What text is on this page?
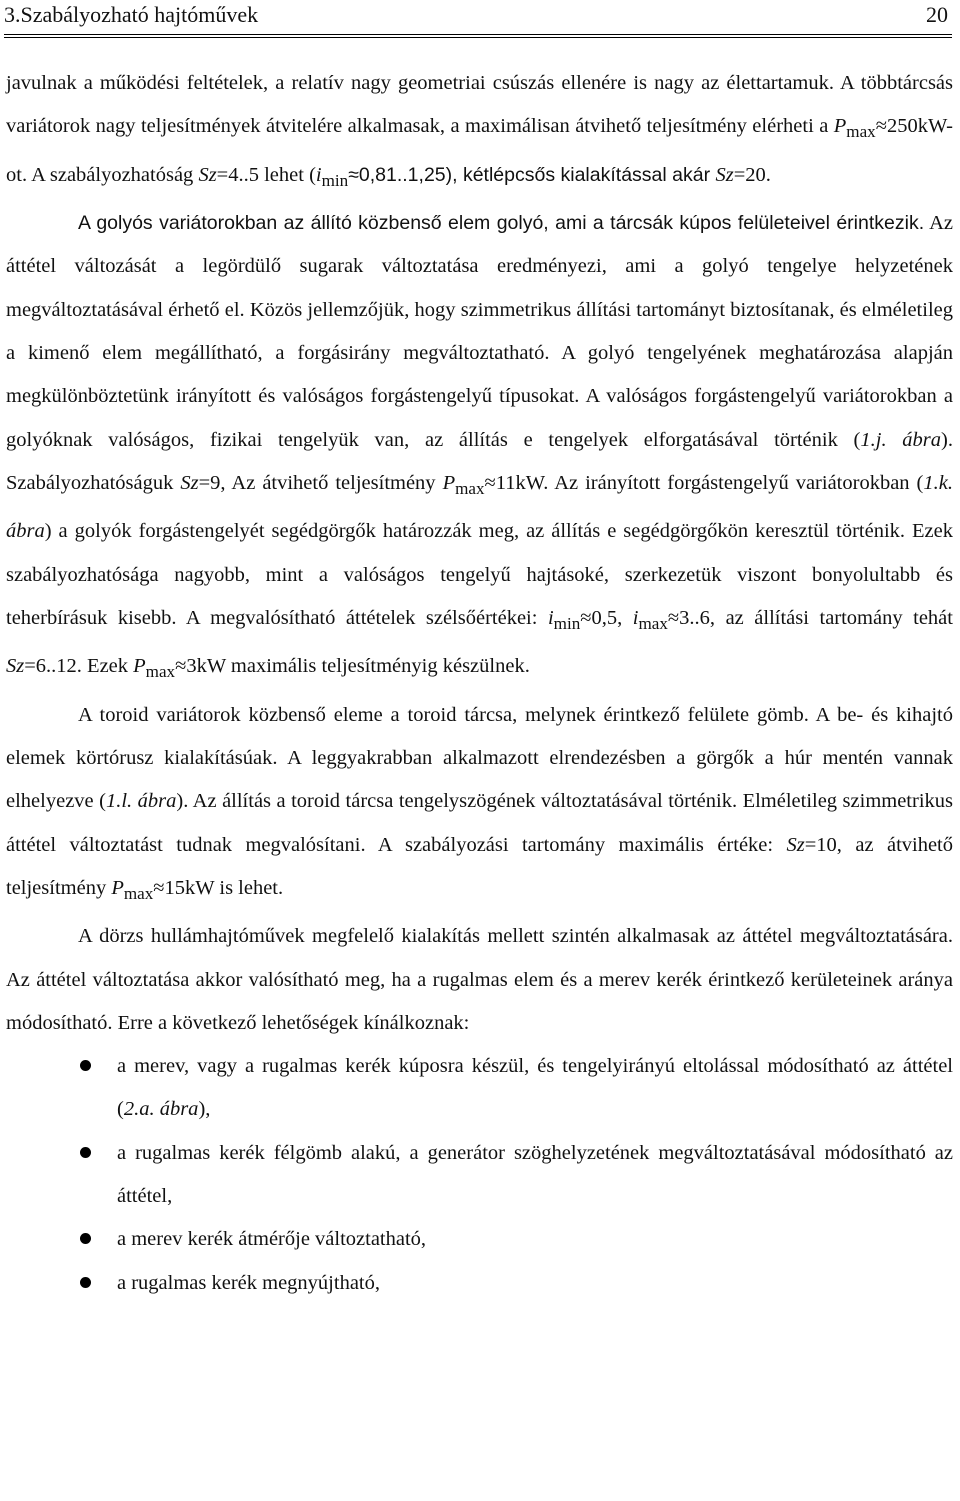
3.Szabályozható hajtóművek	20

javulnak a működési feltételek, a relatív nagy geometriai csúszás ellenére is nagy az élettartamuk. A többtárcsás variátorok nagy teljesítmények átvitelére alkalmasak, a maximálisan átvihető teljesítmény elérheti a $P_{max}\approx 250kW-ot$. A szabályozhatóság Sz=4..5 lehet $(i_{min}\approx 0,81..1,25)$, kétlépcsős kialakítással akár Sz=20.

A golyós variátorokban az állító közbenső elem golyó, ami a tárcsák kúpos felületeivel érintkezik. Az áttétel változását a legördülő sugarak változtatása eredményezi, ami a golyó tengelye helyzetének megváltoztatásával érhető el. Közös jellemzőjük, hogy szimmetrikus állítási tartományt biztosítanak, és elméletileg a kimenő elem megállítható, a forgásirány megváltoztatható. A golyó tengelyének meghatározása alapján megkülönböztetünk irányított és valóságos forgástengelyű típusokat. A valóságos forgástengelyű variátorokban a golyóknak valóságos, fizikai tengelyük van, az állítás e tengelyek elforgatásával történik (1.j. ábra). Szabályozhatóságuk Sz=9, Az átvihető teljesítmény $P_{max}\approx 11kW$. Az irányított forgástengelyű variátorokban (1.k. ábra) a golyók forgástengelyét segédgörgők határozzák meg, az állítás e segédgörgőkön keresztül történik. Ezek szabályozhatósága nagyobb, mint a valóságos tengelyű hajtásoké, szerkezetük viszont bonyolultabb és teherbírásuk kisebb. A megvalósítható áttételek szélsőértékei: $i_{min}\approx 0,5$, $i_{max}\approx 3..6$, az állítási tartomány tehát Sz=6..12. Ezek $P_{max}\approx 3kW$ maximális teljesítményig készülnek.

A toroid variátorok közbenső eleme a toroid tárcsa, melynek érintkező felülete gömb. A be- és kihajtó elemek körtórusz kialakításúak. A leggyakrabban alkalmazott elrendezésben a görgők a húr mentén vannak elhelyezve (1.l. ábra). Az állítás a toroid tárcsa tengelyszögének változtatásával történik. Elméletileg szimmetrikus áttétel változtatást tudnak megvalósítani. A szabályozási tartomány maximális értéke: Sz=10, az átvihető teljesítmény $P_{max}\approx 15kW$ is lehet.

A dörzs hullámhajtóművek megfelelő kialakítás mellett szintén alkalmasak az áttétel megváltoztatására. Az áttétel változtatása akkor valósítható meg, ha a rugalmas elem és a merev kerék érintkező kerületeinek aránya módosítható. Erre a következő lehetőségek kínálkoznak:

a merev, vagy a rugalmas kerék kúposra készül, és tengelyirányú eltolással módosítható az áttétel (2.a. ábra),
a rugalmas kerék félgömb alakú, a generátor szöghelyzetének megváltoztatásával módosítható az áttétel,
a merev kerék átmérője változtatható,
a rugalmas kerék megnyújtható,
